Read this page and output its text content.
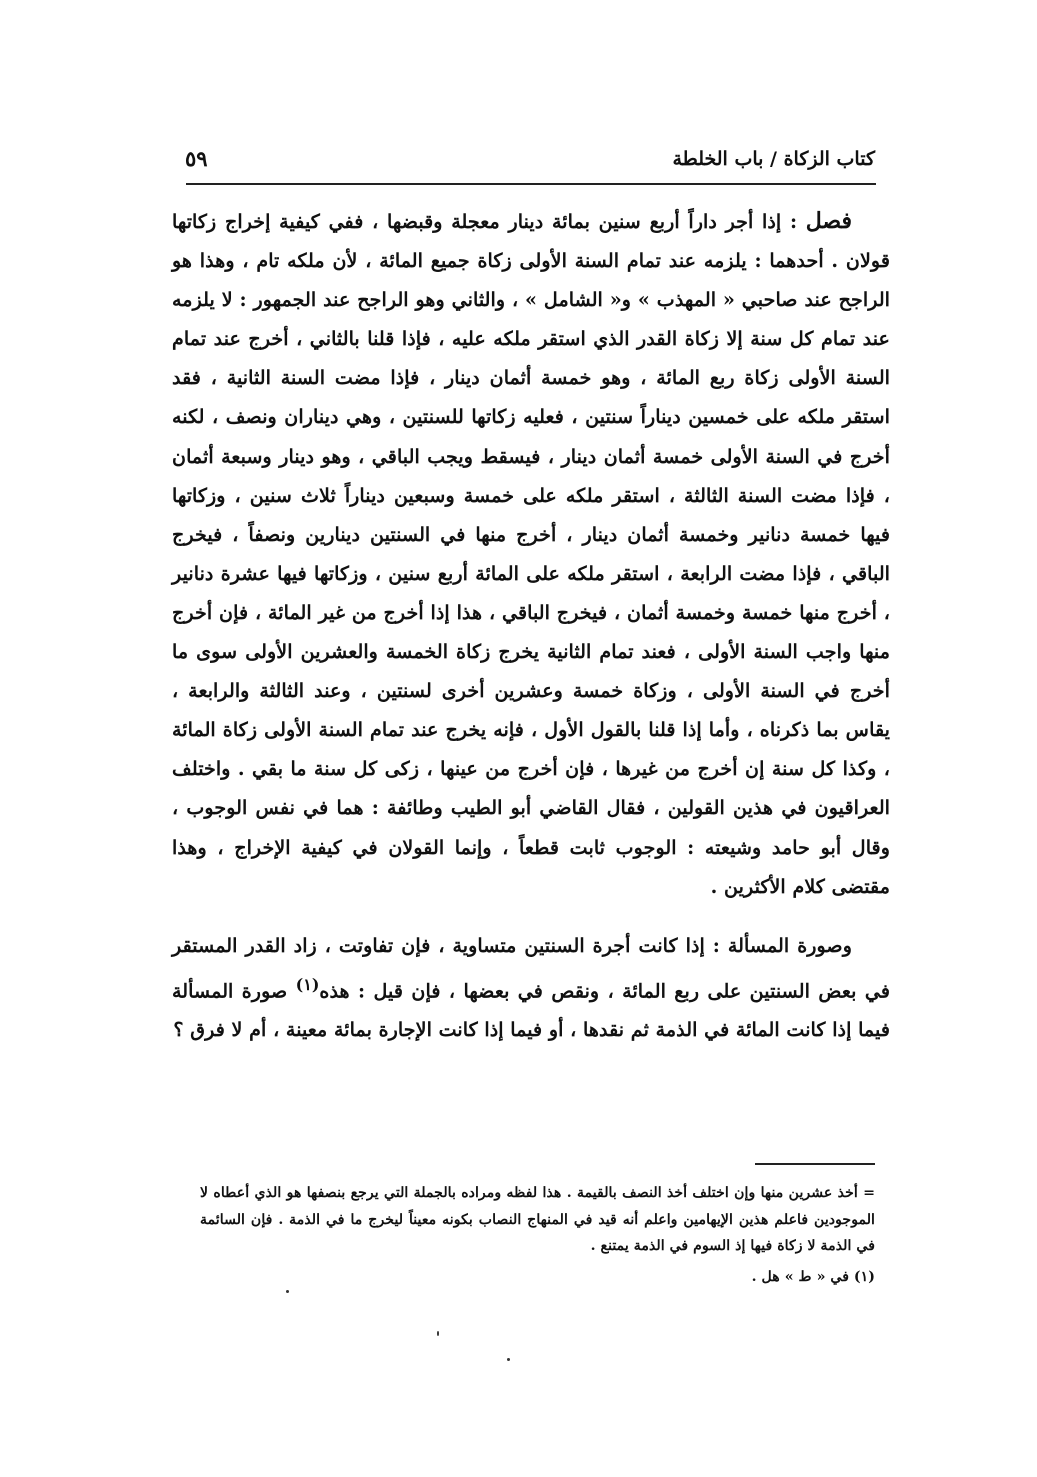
كتاب الزكاة / باب الخلطة
٥٩

فصل : إذا أجر داراً أربع سنين بمائة دينار معجلة وقبضها ، ففي كيفية إخراج زكاتها قولان . أحدهما : يلزمه عند تمام السنة الأولى زكاة جميع المائة ، لأن ملكه تام ، وهذا هو الراجح عند صاحبي « المهذب » و« الشامل » ، والثاني وهو الراجح عند الجمهور : لا يلزمه عند تمام كل سنة إلا زكاة القدر الذي استقر ملكه عليه ، فإذا قلنا بالثاني ، أخرج عند تمام السنة الأولى زكاة ربع المائة ، وهو خمسة أثمان دينار ، فإذا مضت السنة الثانية ، فقد استقر ملكه على خمسين ديناراً سنتين ، فعليه زكاتها للسنتين ، وهي ديناران ونصف ، لكنه أخرج في السنة الأولى خمسة أثمان دينار ، فيسقط ويجب الباقي ، وهو دينار وسبعة أثمان ، فإذا مضت السنة الثالثة ، استقر ملكه على خمسة وسبعين ديناراً ثلاث سنين ، وزكاتها فيها خمسة دنانير وخمسة أثمان دينار ، أخرج منها في السنتين دينارين ونصفاً ، فيخرج الباقي ، فإذا مضت الرابعة ، استقر ملكه على المائة أربع سنين ، وزكاتها فيها عشرة دنانير ، أخرج منها خمسة وخمسة أثمان ، فيخرج الباقي ، هذا إذا أخرج من غير المائة ، فإن أخرج منها واجب السنة الأولى ، فعند تمام الثانية يخرج زكاة الخمسة والعشرين الأولى سوى ما أخرج في السنة الأولى ، وزكاة خمسة وعشرين أخرى لسنتين ، وعند الثالثة والرابعة ، يقاس بما ذكرناه ، وأما إذا قلنا بالقول الأول ، فإنه يخرج عند تمام السنة الأولى زكاة المائة ، وكذا كل سنة إن أخرج من غيرها ، فإن أخرج من عينها ، زكى كل سنة ما بقي . واختلف العراقيون في هذين القولين ، فقال القاضي أبو الطيب وطائفة : هما في نفس الوجوب ، وقال أبو حامد وشيعته : الوجوب ثابت قطعاً ، وإنما القولان في كيفية الإخراج ، وهذا مقتضى كلام الأكثرين .

وصورة المسألة : إذا كانت أجرة السنتين متساوية ، فإن تفاوتت ، زاد القدر المستقر في بعض السنتين على ربع المائة ، ونقص في بعضها ، فإن قيل : هذه$^{(١)}$ صورة المسألة فيما إذا كانت المائة في الذمة ثم نقدها ، أو فيما إذا كانت الإجارة بمائة معينة ، أم لا فرق ؟

= أخذ عشرين منها وإن اختلف أخذ النصف بالقيمة . هذا لفظه ومراده بالجملة التي يرجع بنصفها هو الذي أعطاه لا الموجودين فاعلم هذين الإيهامين واعلم أنه قيد في المنهاج النصاب بكونه معيناً ليخرج ما في الذمة . فإن السائمة في الذمة لا زكاة فيها إذ السوم في الذمة يمتنع .

(١) في « ط » هل .
